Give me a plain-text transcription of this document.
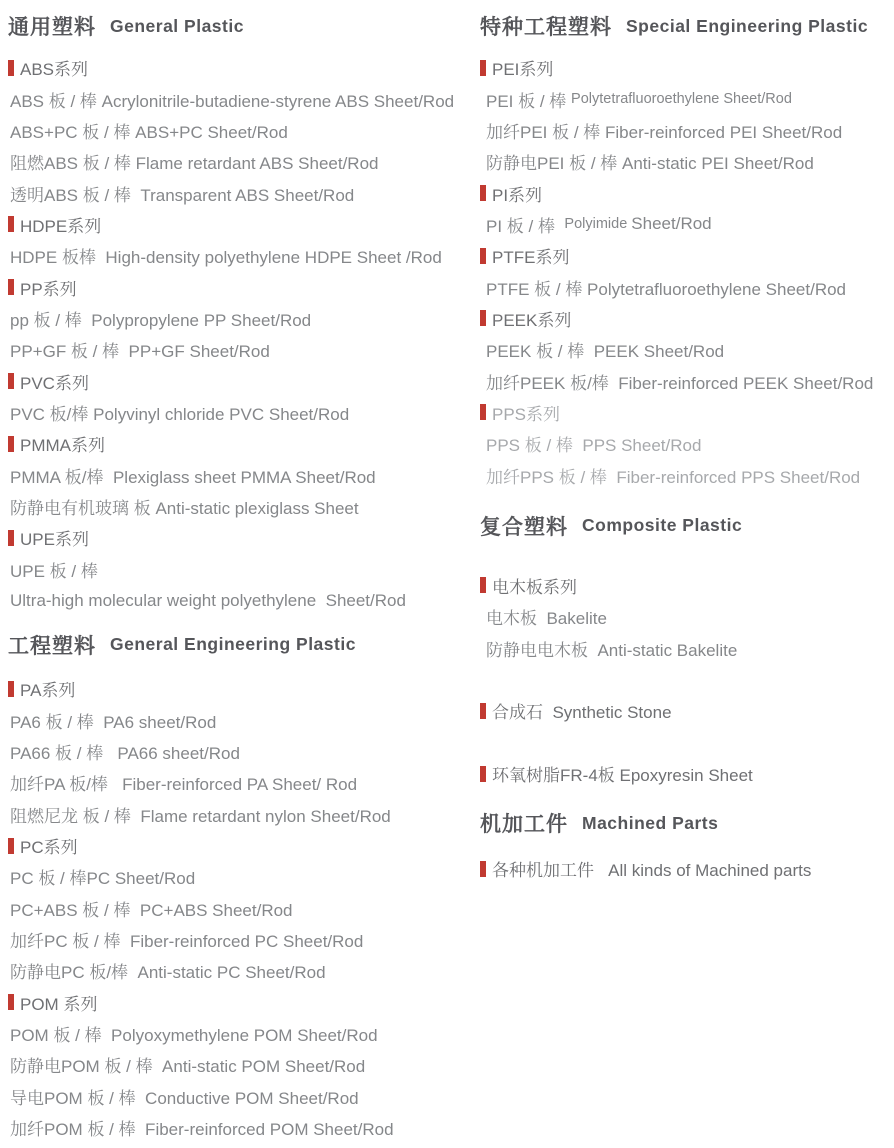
通用塑料 General Plastic
ABS系列
ABS 板 / 棒 Acrylonitrile-butadiene-styrene ABS Sheet/Rod
ABS+PC 板 / 棒 ABS+PC Sheet/Rod
阻燃ABS 板 / 棒 Flame retardant ABS Sheet/Rod
透明ABS 板 / 棒  Transparent ABS Sheet/Rod
HDPE系列
HDPE 板棒  High-density polyethylene HDPE Sheet /Rod
PP系列
pp 板 / 棒  Polypropylene PP Sheet/Rod
PP+GF 板 / 棒  PP+GF Sheet/Rod
PVC系列
PVC 板/棒 Polyvinyl chloride PVC Sheet/Rod
PMMA系列
PMMA 板/棒  Plexiglass sheet PMMA Sheet/Rod
防静电有机玻璃 板 Anti-static plexiglass Sheet
UPE系列
UPE 板 / 棒
Ultra-high molecular weight polyethylene  Sheet/Rod
工程塑料 General Engineering Plastic
PA系列
PA6 板 / 棒  PA6 sheet/Rod
PA66 板 / 棒   PA66 sheet/Rod
加纤PA 板/棒   Fiber-reinforced PA Sheet/ Rod
阻燃尼龙 板 / 棒  Flame retardant nylon Sheet/Rod
PC系列
PC 板 / 棒PC Sheet/Rod
PC+ABS 板 / 棒  PC+ABS Sheet/Rod
加纤PC 板 / 棒  Fiber-reinforced PC Sheet/Rod
防静电PC 板/棒  Anti-static PC Sheet/Rod
POM 系列
POM 板 / 棒  Polyoxymethylene POM Sheet/Rod
防静电POM 板 / 棒  Anti-static POM Sheet/Rod
导电POM 板 / 棒  Conductive POM Sheet/Rod
加纤POM 板 / 棒  Fiber-reinforced POM Sheet/Rod
特种工程塑料 Special Engineering Plastic
PEI系列
PEI 板 / 棒 Polytetrafluoroethylene Sheet/Rod
加纤PEI 板 / 棒 Fiber-reinforced PEI Sheet/Rod
防静电PEI 板 / 棒 Anti-static PEI Sheet/Rod
PI系列
PI 板 / 棒 Polyimide Sheet/Rod
PTFE系列
PTFE 板 / 棒 Polytetrafluoroethylene Sheet/Rod
PEEK系列
PEEK 板 / 棒  PEEK Sheet/Rod
加纤PEEK 板/棒  Fiber-reinforced PEEK Sheet/Rod
PPS系列
PPS 板 / 棒  PPS Sheet/Rod
加纤PPS 板 / 棒  Fiber-reinforced PPS Sheet/Rod
复合塑料 Composite Plastic
电木板系列
电木板  Bakelite
防静电电木板  Anti-static Bakelite
合成石  Synthetic Stone
环氧树脂FR-4板 Epoxyresin Sheet
机加工件 Machined Parts
各种机加工件   All kinds of Machined parts
